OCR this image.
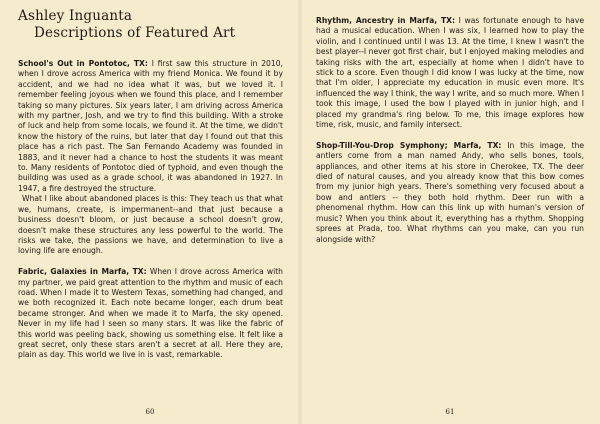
Ashley Inguanta
Descriptions of Featured Art

School's Out in Pontotoc, TX: I first saw this structure in 2010, when I drove across America with my friend Monica. We found it by accident, and we had no idea what it was, but we loved it. I remember feeling joyous when we found this place, and I remember taking so many pictures. Six years later, I am driving across America with my partner, Josh, and we try to find this building. With a stroke of luck and help from some locals, we found it. At the time, we didn't know the history of the ruins, but later that day I found out that this place has a rich past. The San Fernando Academy was founded in 1883, and it never had a chance to host the students it was meant to. Many residents of Pontotoc died of typhoid, and even though the building was used as a grade school, it was abandoned in 1927. In 1947, a fire destroyed the structure.

What I like about abandoned places is this: They teach us that what we, humans, create, is impermanent--and that just because a business doesn't bloom, or just because a school doesn't grow, doesn't make these structures any less powerful to the world. The risks we take, the passions we have, and determination to live a loving life are enough.

Fabric, Galaxies in Marfa, TX: When I drove across America with my partner, we paid great attention to the rhythm and music of each road. When I made it to Western Texas, something had changed, and we both recognized it. Each note became longer, each drum beat became stronger. And when we made it to Marfa, the sky opened. Never in my life had I seen so many stars. It was like the fabric of this world was peeling back, showing us something else. It felt like a great secret, only these stars aren't a secret at all. Here they are, plain as day. This world we live in is vast, remarkable.

60

Rhythm, Ancestry in Marfa, TX: I was fortunate enough to have had a musical education. When I was six, I learned how to play the violin, and I continued until I was 13. At the time, I knew I wasn't the best player--I never got first chair, but I enjoyed making melodies and taking risks with the art, especially at home when I didn't have to stick to a score. Even though I did know I was lucky at the time, now that I'm older, I appreciate my education in music even more. It's influenced the way I think, the way I write, and so much more. When I took this image, I used the bow I played with in junior high, and I placed my grandma's ring below. To me, this image explores how time, risk, music, and family intersect.

Shop-Till-You-Drop Symphony; Marfa, TX: In this image, the antlers come from a man named Andy, who sells bones, tools, appliances, and other items at his store in Cherokee, TX. The deer died of natural causes, and you already know that this bow comes from my junior high years. There's something very focused about a bow and antlers -- they both hold rhythm. Deer run with a phenomenal rhythm. How can this link up with human's version of music? When you think about it, everything has a rhythm. Shopping sprees at Prada, too. What rhythms can you make, can you run alongside with?

61
